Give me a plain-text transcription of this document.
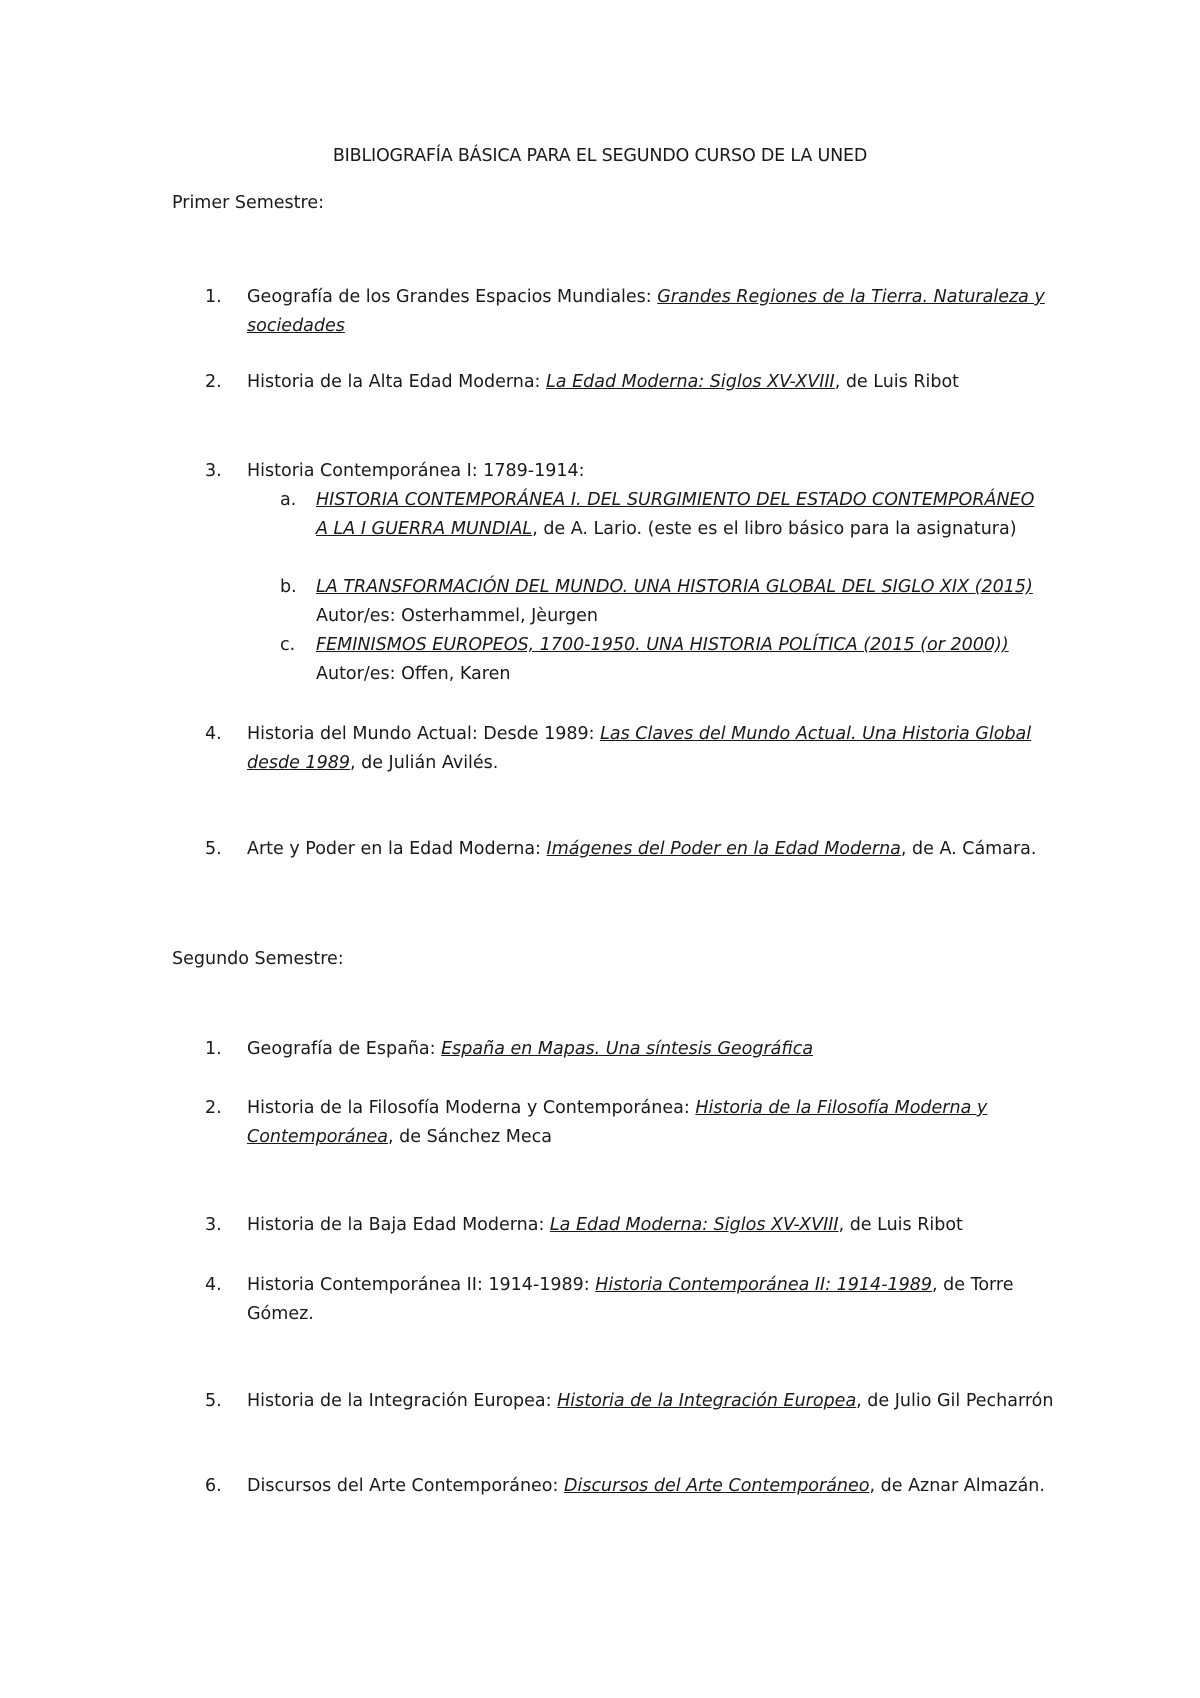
BIBLIOGRAFÍA BÁSICA PARA EL SEGUNDO CURSO DE LA UNED
Primer Semestre:
1.	Geografía de los Grandes Espacios Mundiales: Grandes Regiones de la Tierra. Naturaleza y sociedades
2.	Historia de la Alta Edad Moderna: La Edad Moderna: Siglos XV-XVIII, de Luis Ribot
3.	Historia Contemporánea I: 1789-1914:
a. HISTORIA CONTEMPORÁNEA I. DEL SURGIMIENTO DEL ESTADO CONTEMPORÁNEO A LA I GUERRA MUNDIAL, de A. Lario. (este es el libro básico para la asignatura)
b. LA TRANSFORMACIÓN DEL MUNDO. UNA HISTORIA GLOBAL DEL SIGLO XIX (2015) Autor/es: Osterhammel, Jèurgen
c. FEMINISMOS EUROPEOS, 1700-1950. UNA HISTORIA POLÍTICA (2015 (or 2000)) Autor/es: Offen, Karen
4.	Historia del Mundo Actual: Desde 1989: Las Claves del Mundo Actual. Una Historia Global desde 1989, de Julián Avilés.
5.	Arte y Poder en la Edad Moderna: Imágenes del Poder en la Edad Moderna, de A. Cámara.
Segundo Semestre:
1.	Geografía de España: España en Mapas. Una síntesis Geográfica
2.	Historia de la Filosofía Moderna y Contemporánea: Historia de la Filosofía Moderna y Contemporánea, de Sánchez Meca
3.	Historia de la Baja Edad Moderna: La Edad Moderna: Siglos XV-XVIII, de Luis Ribot
4.	Historia Contemporánea II: 1914-1989: Historia Contemporánea II: 1914-1989, de Torre Gómez.
5.	Historia de la Integración Europea: Historia de la Integración Europea, de Julio Gil Pecharrón
6.	Discursos del Arte Contemporáneo: Discursos del Arte Contemporáneo, de Aznar Almazán.
